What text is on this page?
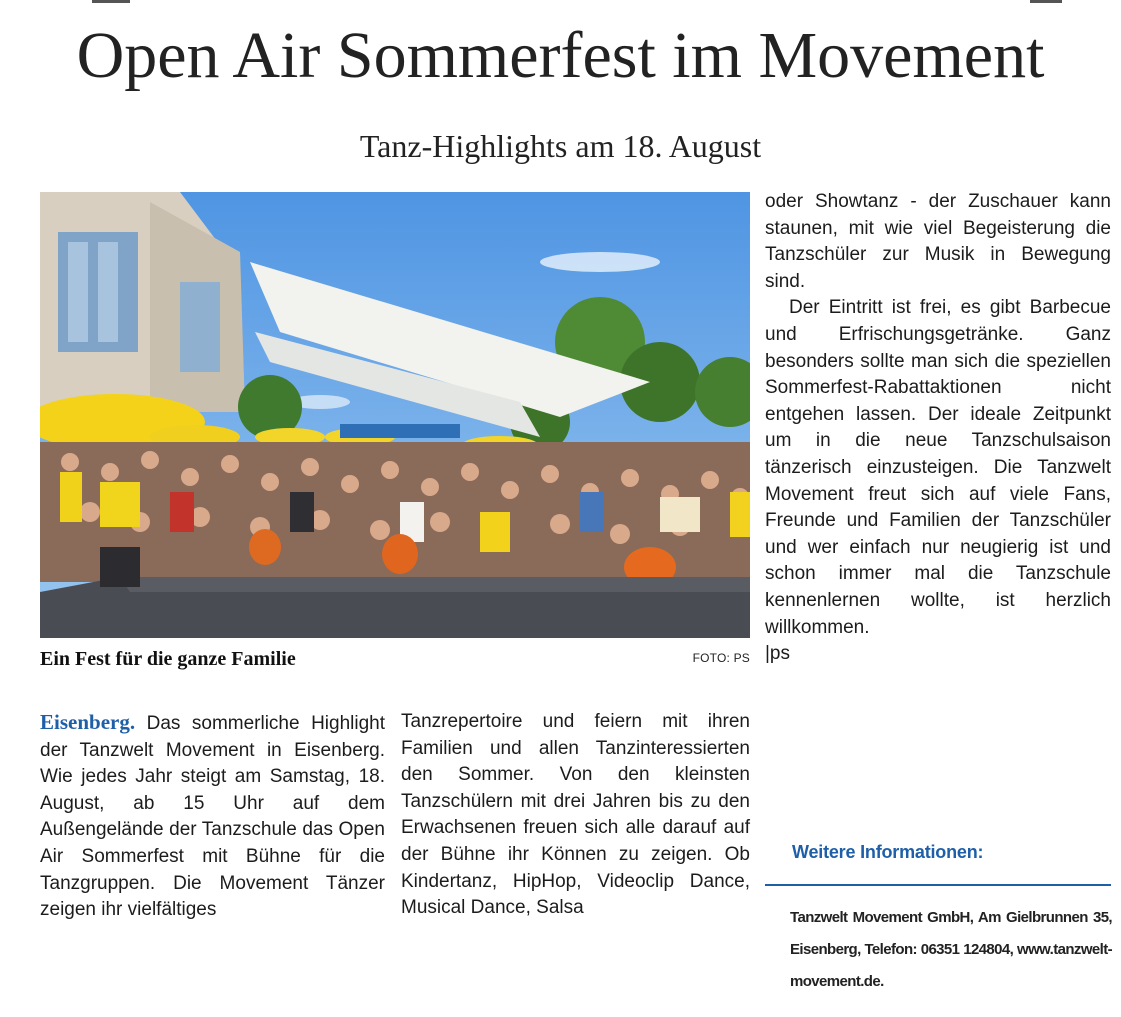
Open Air Sommerfest im Movement
Tanz-Highlights am 18. August
Ein Fest für die ganze Familie	FOTO: PS

Eisenberg. Das sommerliche Highlight der Tanzwelt Movement in Eisenberg. Wie jedes Jahr steigt am Samstag, 18. August, ab 15 Uhr auf dem Außengelände der Tanzschule das Open Air Sommerfest mit Bühne für die Tanzgruppen. Die Movement Tänzer zeigen ihr vielfältiges

Tanzrepertoire und feiern mit ihren Familien und allen Tanzinteressierten den Sommer. Von den kleinsten Tanzschülern mit drei Jahren bis zu den Erwachsenen freuen sich alle darauf auf der Bühne ihr Können zu zeigen. Ob Kindertanz, HipHop, Videoclip Dance, Musical Dance, Salsa

oder Showtanz - der Zuschauer kann staunen, mit wie viel Begeisterung die Tanzschüler zur Musik in Bewegung sind.

Der Eintritt ist frei, es gibt Barbecue und Erfrischungsgetränke. Ganz besonders sollte man sich die speziellen Sommerfest-Rabattaktionen nicht entgehen lassen. Der ideale Zeitpunkt um in die neue Tanzschulsaison tänzerisch einzusteigen. Die Tanzwelt Movement freut sich auf viele Fans, Freunde und Familien der Tanzschüler und wer einfach nur neugierig ist und schon immer mal die Tanzschule kennenlernen wollte, ist herzlich willkommen.

|ps

Weitere Informationen:

Tanzwelt Movement GmbH, Am Gielbrunnen 35, Eisenberg, Telefon: 06351 124804, www.tanzwelt-movement.de.
